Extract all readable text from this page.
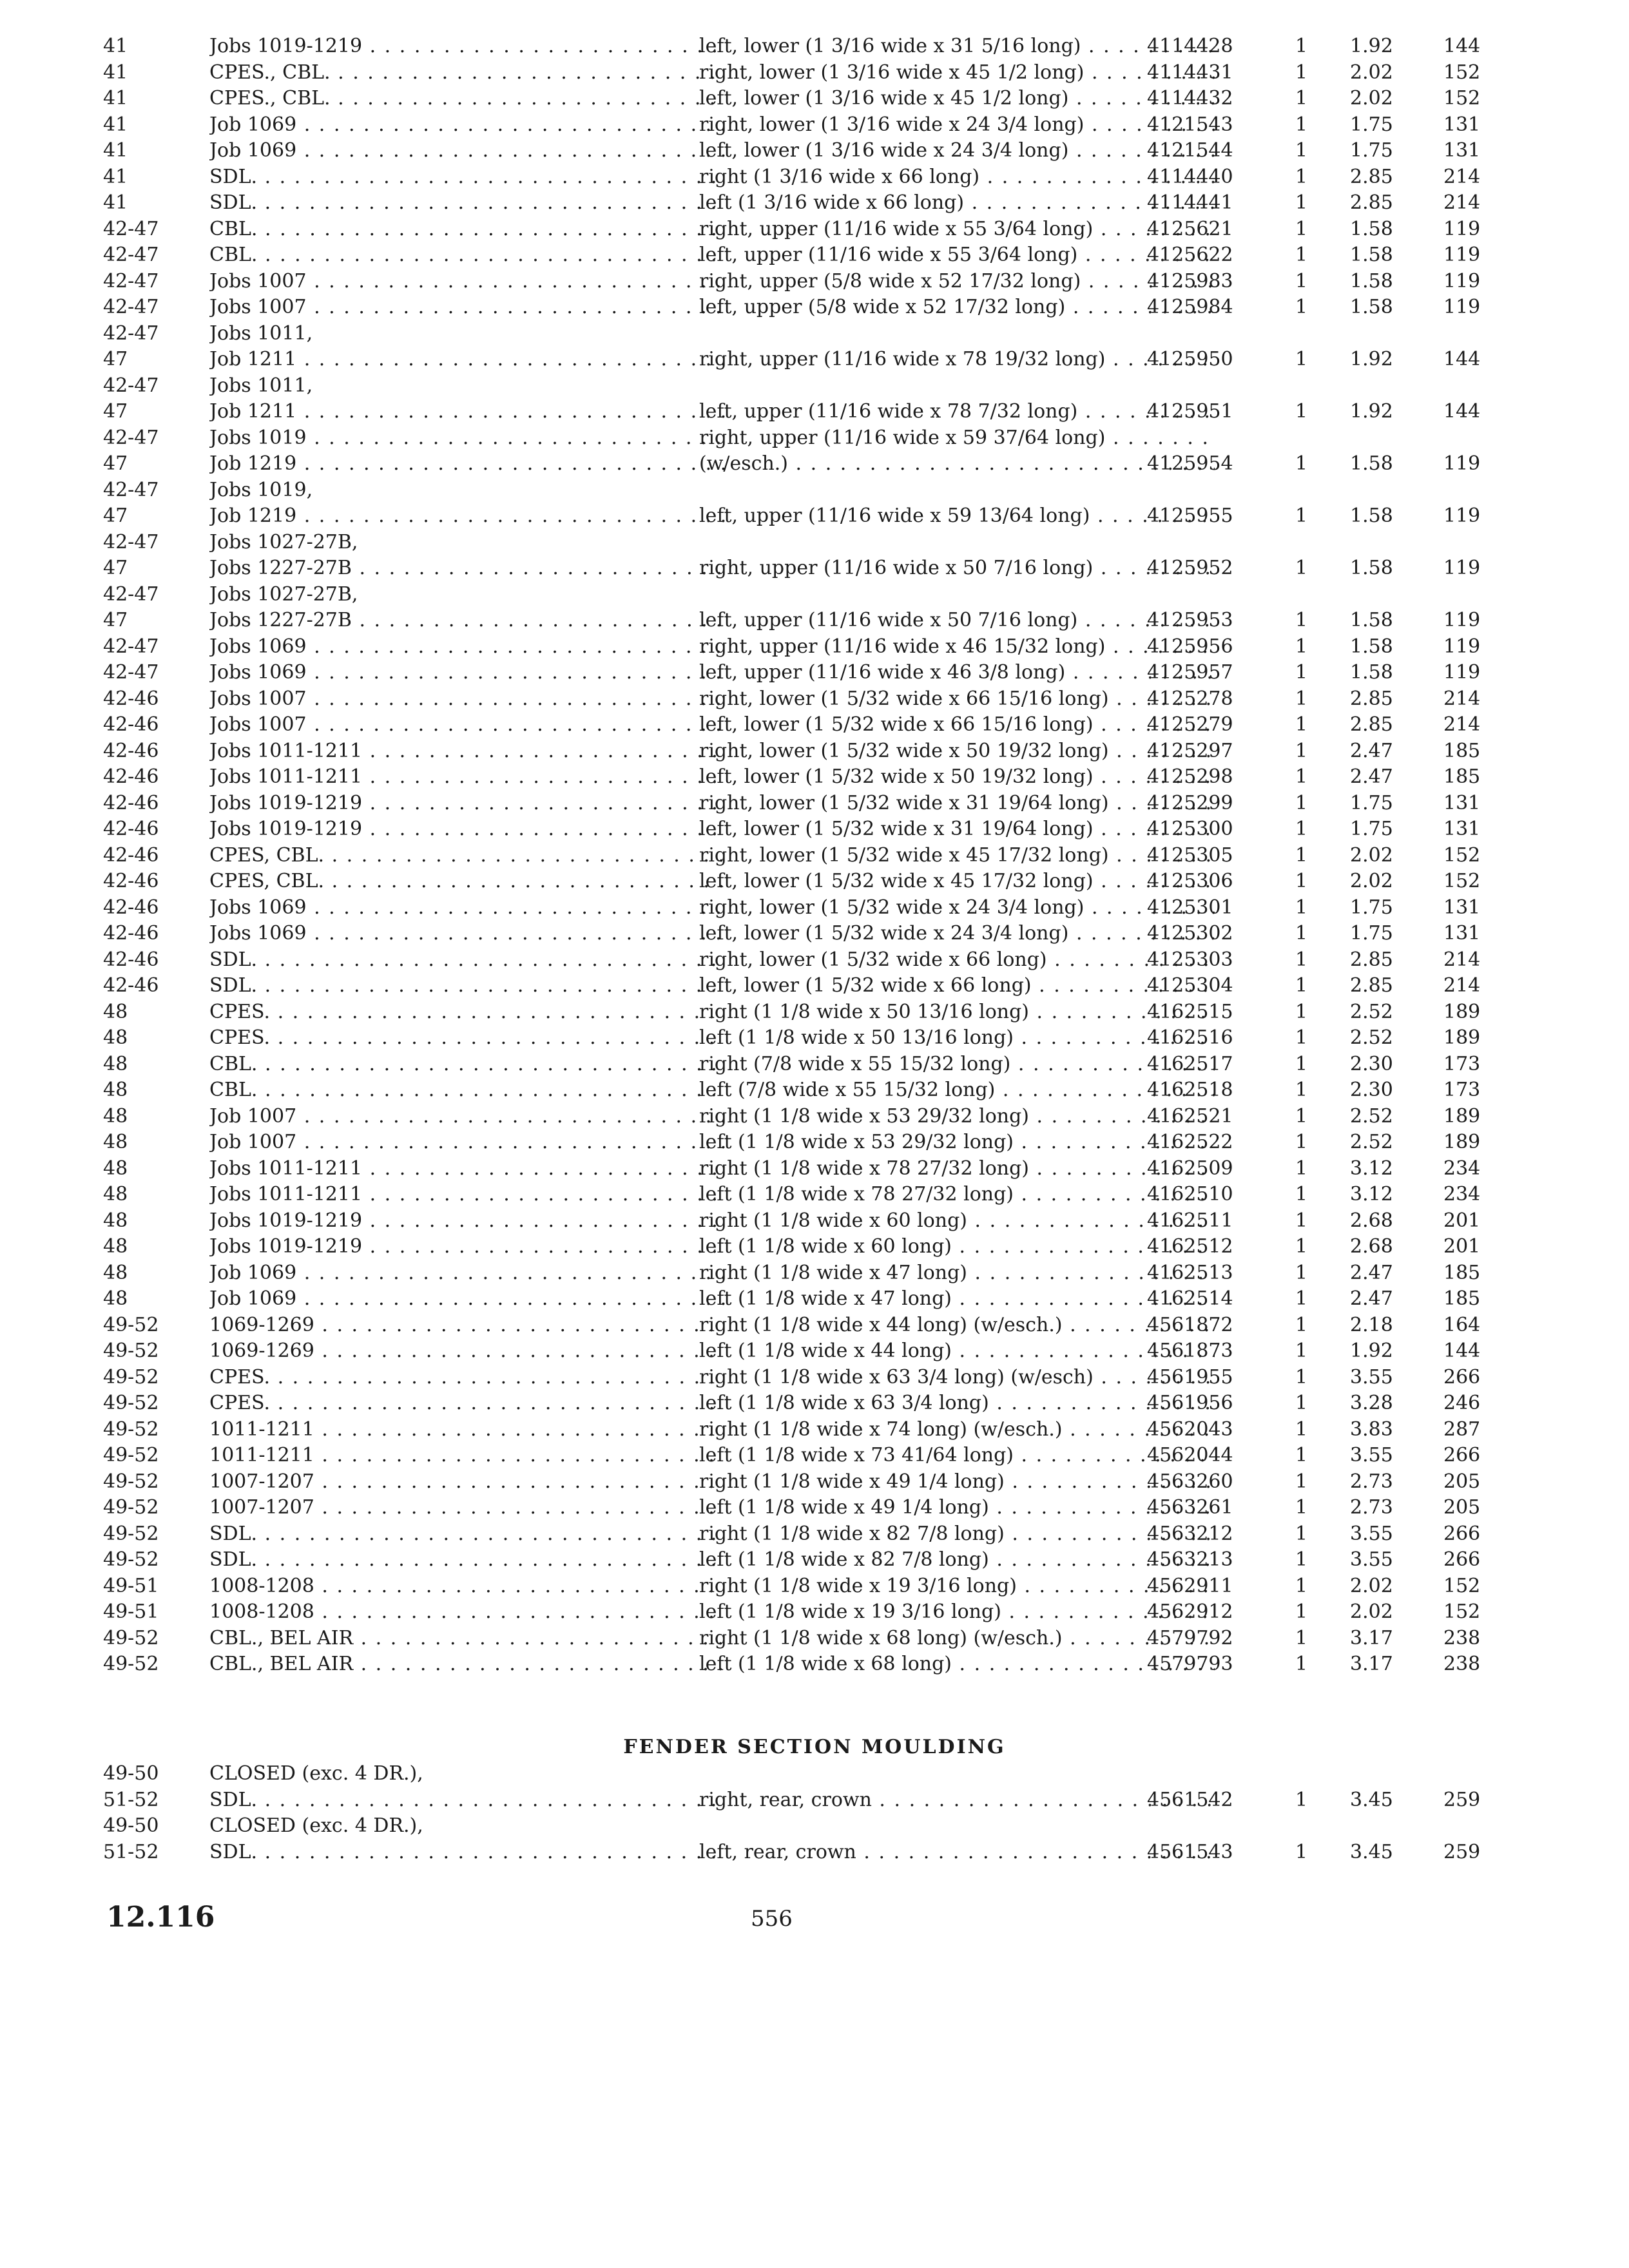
41	Jobs 1019-1219 . . .	left, lower (1 3/16 wide x 31 5/16 long) . . .	4114428	1 1.92	144
41	CPES., CBL. . . .	right, lower (1 3/16 wide x 45 1/2 long) . . .	4114431	1 2.02	152
41	CPES., CBL. . . .	left, lower (1 3/16 wide x 45 1/2 long) . . .	4114432	1 2.02	152
41	Job 1069 . . .	right, lower (1 3/16 wide x 24 3/4 long) . . .	4121543	1 1.75	131
41	Job 1069 . . .	left, lower (1 3/16 wide x 24 3/4 long) . . .	4121544	1 1.75	131
41	SDL. . . .	right (1 3/16 wide x 66 long) . . .	4114440	1 2.85	214
41	SDL. . . .	left (1 3/16 wide x 66 long) . . .	4114441	1 2.85	214
42-47	CBL. . . .	right, upper (11/16 wide x 55 3/64 long) . . .	4125621	1 1.58	119
42-47	CBL. . . .	left, upper (11/16 wide x 55 3/64 long) . . .	4125622	1 1.58	119
42-47	Jobs 1007 . . .	right, upper (5/8 wide x 52 17/32 long) . . .	4125983	1 1.58	119
42-47	Jobs 1007 . . .	left, upper (5/8 wide x 52 17/32 long) . . .	4125984	1 1.58	119
42-47	Jobs 1011,
47	Job 1211 . . .	right, upper (11/16 wide x 78 19/32 long) . . .	4125950	1 1.92	144
42-47	Jobs 1011,
47	Job 1211 . . .	left, upper (11/16 wide x 78 7/32 long) . . .	4125951	1 1.92	144
42-47	Jobs 1019 . . .	right, upper (11/16 wide x 59 37/64 long) . . .
47	Job 1219 . . .	(w/esch.) . . .	4125954	1 1.58	119
42-47	Jobs 1019,
47	Job 1219 . . .	left, upper (11/16 wide x 59 13/64 long) . . .	4125955	1 1.58	119
42-47	Jobs 1027-27B,
47	Jobs 1227-27B . . .	right, upper (11/16 wide x 50 7/16 long) . . .	4125952	1 1.58	119
42-47	Jobs 1027-27B,
47	Jobs 1227-27B . . .	left, upper (11/16 wide x 50 7/16 long) . . .	4125953	1 1.58	119
42-47	Jobs 1069 . . .	right, upper (11/16 wide x 46 15/32 long) . . .	4125956	1 1.58	119
42-47	Jobs 1069 . . .	left, upper (11/16 wide x 46 3/8 long) . . .	4125957	1 1.58	119
42-46	Jobs 1007 . . .	right, lower (1 5/32 wide x 66 15/16 long) . . .	4125278	1 2.85	214
42-46	Jobs 1007 . . .	left, lower (1 5/32 wide x 66 15/16 long) . . .	4125279	1 2.85	214
42-46	Jobs 1011-1211 . . .	right, lower (1 5/32 wide x 50 19/32 long) . . .	4125297	1 2.47	185
42-46	Jobs 1011-1211 . . .	left, lower (1 5/32 wide x 50 19/32 long) . . .	4125298	1 2.47	185
42-46	Jobs 1019-1219 . . .	right, lower (1 5/32 wide x 31 19/64 long) . . .	4125299	1 1.75	131
42-46	Jobs 1019-1219 . . .	left, lower (1 5/32 wide x 31 19/64 long) . . .	4125300	1 1.75	131
42-46	CPES, CBL. . . .	right, lower (1 5/32 wide x 45 17/32 long) . . .	4125305	1 2.02	152
42-46	CPES, CBL. . . .	left, lower (1 5/32 wide x 45 17/32 long) . . .	4125306	1 2.02	152
42-46	Jobs 1069 . . .	right, lower (1 5/32 wide x 24 3/4 long) . . .	4125301	1 1.75	131
42-46	Jobs 1069 . . .	left, lower (1 5/32 wide x 24 3/4 long) . . .	4125302	1 1.75	131
42-46	SDL. . . .	right, lower (1 5/32 wide x 66 long) . . .	4125303	1 2.85	214
42-46	SDL. . . .	left, lower (1 5/32 wide x 66 long) . . .	4125304	1 2.85	214
48	CPES. . . .	right (1 1/8 wide x 50 13/16 long) . . .	4162515	1 2.52	189
48	CPES. . . .	left (1 1/8 wide x 50 13/16 long) . . .	4162516	1 2.52	189
48	CBL. . . .	right (7/8 wide x 55 15/32 long) . . .	4162517	1 2.30	173
48	CBL. . . .	left (7/8 wide x 55 15/32 long) . . .	4162518	1 2.30	173
48	Job 1007 . . .	right (1 1/8 wide x 53 29/32 long) . . .	4162521	1 2.52	189
48	Job 1007 . . .	left (1 1/8 wide x 53 29/32 long) . . .	4162522	1 2.52	189
48	Jobs 1011-1211 . . .	right (1 1/8 wide x 78 27/32 long) . . .	4162509	1 3.12	234
48	Jobs 1011-1211 . . .	left (1 1/8 wide x 78 27/32 long) . . .	4162510	1 3.12	234
48	Jobs 1019-1219 . . .	right (1 1/8 wide x 60 long) . . .	4162511	1 2.68	201
48	Jobs 1019-1219 . . .	left (1 1/8 wide x 60 long) . . .	4162512	1 2.68	201
48	Job 1069 . . .	right (1 1/8 wide x 47 long) . . .	4162513	1 2.47	185
48	Job 1069 . . .	left (1 1/8 wide x 47 long) . . .	4162514	1 2.47	185
49-52	1069-1269 . . .	right (1 1/8 wide x 44 long) (w/esch.) . . .	4561872	1 2.18	164
49-52	1069-1269 . . .	left (1 1/8 wide x 44 long) . . .	4561873	1 1.92	144
49-52	CPES. . . .	right (1 1/8 wide x 63 3/4 long) (w/esch) . . .	4561955	1 3.55	266
49-52	CPES. . . .	left (1 1/8 wide x 63 3/4 long) . . .	4561956	1 3.28	246
49-52	1011-1211 . . .	right (1 1/8 wide x 74 long) (w/esch.) . . .	4562043	1 3.83	287
49-52	1011-1211 . . .	left (1 1/8 wide x 73 41/64 long) . . .	4562044	1 3.55	266
49-52	1007-1207 . . .	right (1 1/8 wide x 49 1/4 long) . . .	4563260	1 2.73	205
49-52	1007-1207 . . .	left (1 1/8 wide x 49 1/4 long) . . .	4563261	1 2.73	205
49-52	SDL. . . .	right (1 1/8 wide x 82 7/8 long) . . .	4563212	1 3.55	266
49-52	SDL. . . .	left (1 1/8 wide x 82 7/8 long) . . .	4563213	1 3.55	266
49-51	1008-1208 . . .	right (1 1/8 wide x 19 3/16 long) . . .	4562911	1 2.02	152
49-51	1008-1208 . . .	left (1 1/8 wide x 19 3/16 long) . . .	4562912	1 2.02	152
49-52	CBL., BEL AIR . . .	right (1 1/8 wide x 68 long) (w/esch.) . . .	4579792	1 3.17	238
49-52	CBL., BEL AIR . . .	left (1 1/8 wide x 68 long) . . .	4579793	1 3.17	238
FENDER SECTION MOULDING
49-50	CLOSED (exc. 4 DR.),
51-52	SDL. . . .	right, rear, crown . . .	4561542	1 3.45	259
49-50	CLOSED (exc. 4 DR.),
51-52	SDL. . . .	left, rear, crown . . .	4561543	1 3.45	259
12.116	556
